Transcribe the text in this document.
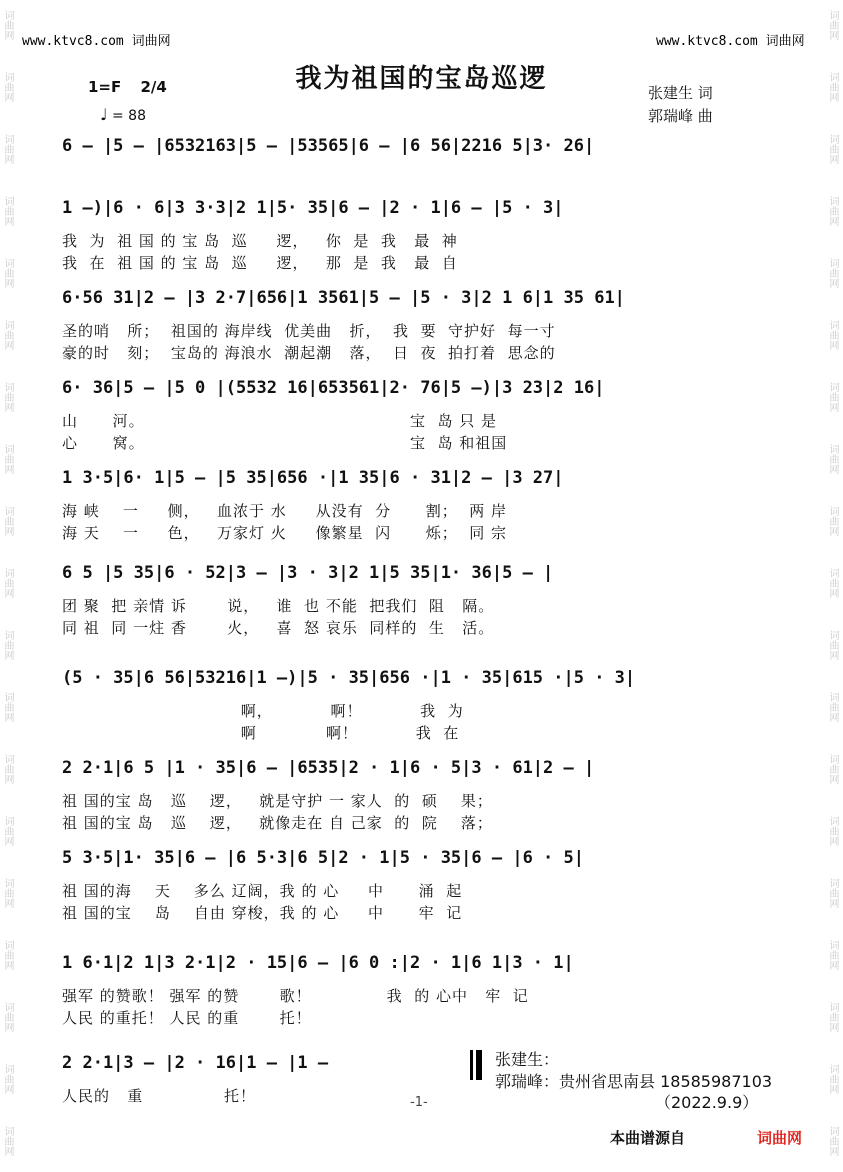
词曲网
词曲网
词曲网
词曲网
词曲网
词曲网
词曲网
词曲网
词曲网
词曲网
词曲网
词曲网
词曲网
词曲网
词曲网
词曲网
词曲网
词曲网
词曲网
词曲网
词曲网
词曲网
词曲网
词曲网
词曲网
词曲网
词曲网
词曲网
词曲网
词曲网
词曲网
词曲网
词曲网
词曲网
词曲网
词曲网
词曲网
词曲网
www.ktvc8.com 词曲网	www.ktvc8.com 词曲网
我为祖国的宝岛巡逻	张建生 词
郭瑞峰 曲
1=F 2/4
♩ = 88
6 – |5 – |6532163|5 – |53565|6 – |6 56|2216 5|3· 26|
1 –)|6 · 6|3 3·3|2 1|5· 35|6 – |2 · 1|6 – |5 · 3|
我  为  祖 国 的 宝 岛  巡     逻，   你  是  我   最  神
我  在  祖 国 的 宝 岛  巡     逻，   那  是  我   最  自
6·56 31|2 – |3 2·7|656|1 3561|5 – |5 · 3|2 1 6|1 35 61|
圣的哨   所；  祖国的 海岸线  优美曲   折，  我  要  守护好  每一寸
豪的时   刻；  宝岛的 海浪水  潮起潮   落，  日  夜  拍打着  思念的
6· 36|5 – |5 0 |(5532 16|653561|2· 76|5 –)|3 23|2 16|
山      河。                                              宝  岛 只 是
心      窝。                                              宝  岛 和祖国
1 3·5|6· 1|5 – |5 35|656 ·|1 35|6 · 31|2 – |3 27|
海 峡    一     侧，   血浓于 水     从没有  分      割；  两 岸
海 天    一     色，   万家灯 火     像繁星  闪      烁；  同 宗
6 5 |5 35|6 · 52|3 – |3 · 3|2 1|5 35|1· 36|5 – |
团 聚  把 亲情 诉       说，   谁  也 不能  把我们  阻   隔。
同 祖  同 一炷 香       火，   喜  怒 哀乐  同样的  生   活。
(5 · 35|6 56|53216|1 –)|5 · 35|656 ·|1 · 35|615 ·|5 · 3|
啊，          啊！          我  为
啊            啊！          我  在
2 2·1|6 5 |1 · 35|6 – |6535|2 · 1|6 · 5|3 · 61|2 – |
祖 国的宝 岛   巡    逻，   就是守护 一 家人  的  硕    果；
祖 国的宝 岛   巡    逻，   就像走在 自 己家  的  院    落；
5 3·5|1· 35|6 – |6 5·3|6 5|2 · 1|5 · 35|6 – |6 · 5|
祖 国的海    天    多么 辽阔，我 的 心     中      涌  起
祖 国的宝    岛    自由 穿梭，我 的 心     中      牢  记
1 6·1|2 1|3 2·1|2 · 15|6 – |6 0 :|2 · 1|6 1|3 · 1|
强军 的赞歌！ 强军 的赞       歌！             我  的 心中   牢  记
人民 的重托！ 人民 的重       托！
2 2·1|3 – |2 · 16|1 – |1 –
人民的   重              托！
张建生：
郭瑞峰：贵州省思南县 18585987103
（2022.9.9）
-1-
本曲谱源自	词曲网
